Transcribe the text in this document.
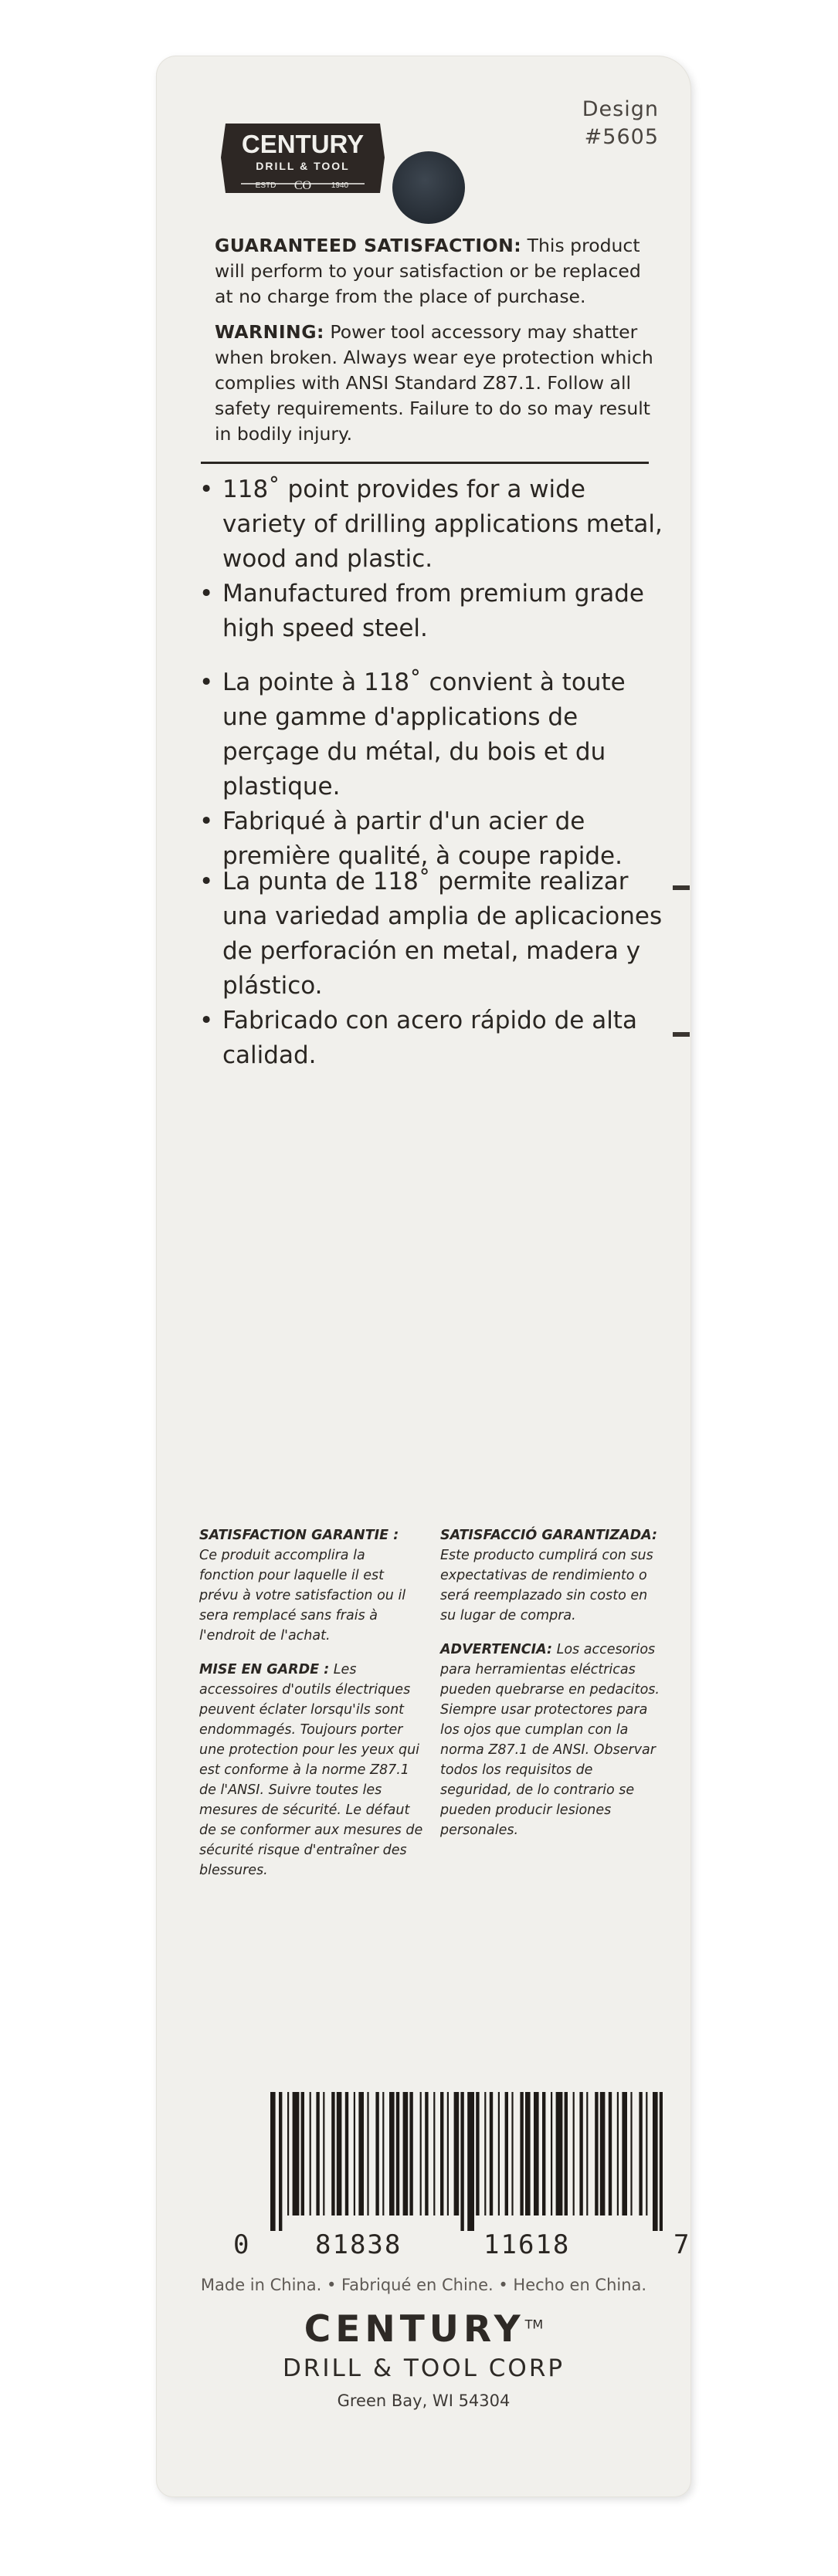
CENTURY
DRILL & TOOL
ESTD CO	1940
Design
#5605
GUARANTEED SATISFACTION: This product will perform to your satisfaction or be replaced at no charge from the place of purchase.
WARNING: Power tool accessory may shatter when broken. Always wear eye protection which complies with ANSI Standard Z87.1. Follow all safety requirements. Failure to do so may result in bodily injury.
• 118˚ point provides for a wide variety of drilling applications metal, wood and plastic.
• Manufactured from premium grade high speed steel.
• La pointe à 118˚ convient à toute une gamme d'applications de perçage du métal, du bois et du plastique.
• Fabriqué à partir d'un acier de première qualité, à coupe rapide.
• La punta de 118˚ permite realizar una variedad amplia de aplicaciones de perforación en metal, madera y plástico.
• Fabricado con acero rápido de alta calidad.
SATISFACTION GARANTIE :
Ce produit accomplira la fonction pour laquelle il est prévu à votre satisfaction ou il sera remplacé sans frais à l'endroit de l'achat.
MISE EN GARDE : Les accessoires d'outils électriques peuvent éclater lorsqu'ils sont endommagés. Toujours porter une protection pour les yeux qui est conforme à la norme Z87.1 de l'ANSI. Suivre toutes les mesures de sécurité. Le défaut de se conformer aux mesures de sécurité risque d'entraîner des blessures.
SATISFACCIÓ GARANTIZADA:
Este producto cumplirá con sus expectativas de rendimiento o será reemplazado sin costo en su lugar de compra.
ADVERTENCIA: Los accesorios para herramientas eléctricas pueden quebrarse en pedacitos. Siempre usar protectores para los ojos que cumplan con la norma Z87.1 de ANSI. Observar todos los requisitos de seguridad, de lo contrario se pueden producir lesiones personales.
0 81838	11618	7
Made in China. • Fabriqué en Chine. • Hecho en China.
CENTURY™
DRILL & TOOL CORP
Green Bay, WI 54304
